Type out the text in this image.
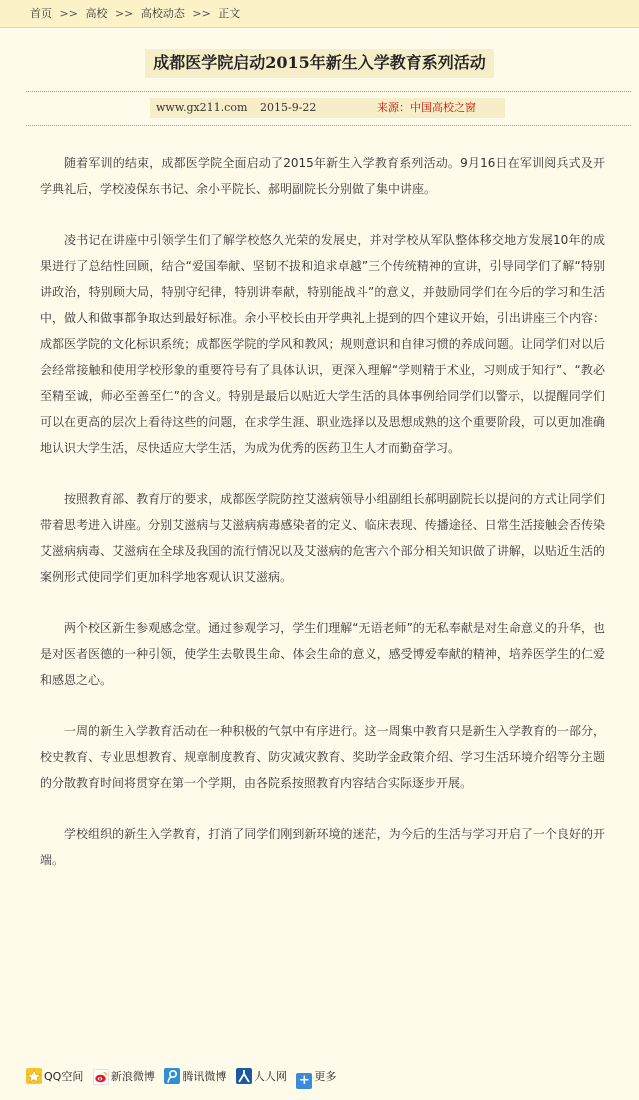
首页 >> 高校 >> 高校动态 >> 正文
成都医学院启动2015年新生入学教育系列活动
www.gx211.com 2015-9-22	来源：中国高校之窗

随着军训的结束，成都医学院全面启动了2015年新生入学教育系列活动。9月16日在军训阅兵式及开学典礼后，学校凌保东书记、余小平院长、郝明副院长分别做了集中讲座。

凌书记在讲座中引领学生们了解学校悠久光荣的发展史，并对学校从军队整体移交地方发展10年的成果进行了总结性回顾，结合“爱国奉献、坚韧不拔和追求卓越”三个传统精神的宣讲，引导同学们了解“特别讲政治，特别顾大局，特别守纪律，特别讲奉献，特别能战斗”的意义，并鼓励同学们在今后的学习和生活中，做人和做事都争取达到最好标准。余小平校长由开学典礼上提到的四个建议开始，引出讲座三个内容：成都医学院的文化标识系统；成都医学院的学风和教风；规则意识和自律习惯的养成问题。让同学们对以后会经常接触和使用学校形象的重要符号有了具体认识，更深入理解“学则精于术业，习则成于知行”、“教必至精至诚，师必至善至仁”的含义。特别是最后以贴近大学生活的具体事例给同学们以警示，以提醒同学们可以在更高的层次上看待这些的问题，在求学生涯、职业选择以及思想成熟的这个重要阶段，可以更加准确地认识大学生活，尽快适应大学生活，为成为优秀的医药卫生人才而勤奋学习。

按照教育部、教育厅的要求，成都医学院防控艾滋病领导小组副组长郝明副院长以提问的方式让同学们带着思考进入讲座。分别艾滋病与艾滋病病毒感染者的定义、临床表现、传播途径、日常生活接触会否传染艾滋病病毒、艾滋病在全球及我国的流行情况以及艾滋病的危害六个部分相关知识做了讲解，以贴近生活的案例形式使同学们更加科学地客观认识艾滋病。

两个校区新生参观感念堂。通过参观学习，学生们理解“无语老师”的无私奉献是对生命意义的升华，也是对医者医德的一种引领，使学生去敬畏生命、体会生命的意义，感受博爱奉献的精神，培养医学生的仁爱和感恩之心。

一周的新生入学教育活动在一种积极的气氛中有序进行。这一周集中教育只是新生入学教育的一部分，校史教育、专业思想教育、规章制度教育、防灾减灾教育、奖助学金政策介绍、学习生活环境介绍等分主题的分散教育时间将贯穿在第一个学期，由各院系按照教育内容结合实际逐步开展。

学校组织的新生入学教育，打消了同学们刚到新环境的迷茫，为今后的生活与学习开启了一个良好的开端。

QQ空间	新浪微博	腾讯微博	人人网 + 更多
